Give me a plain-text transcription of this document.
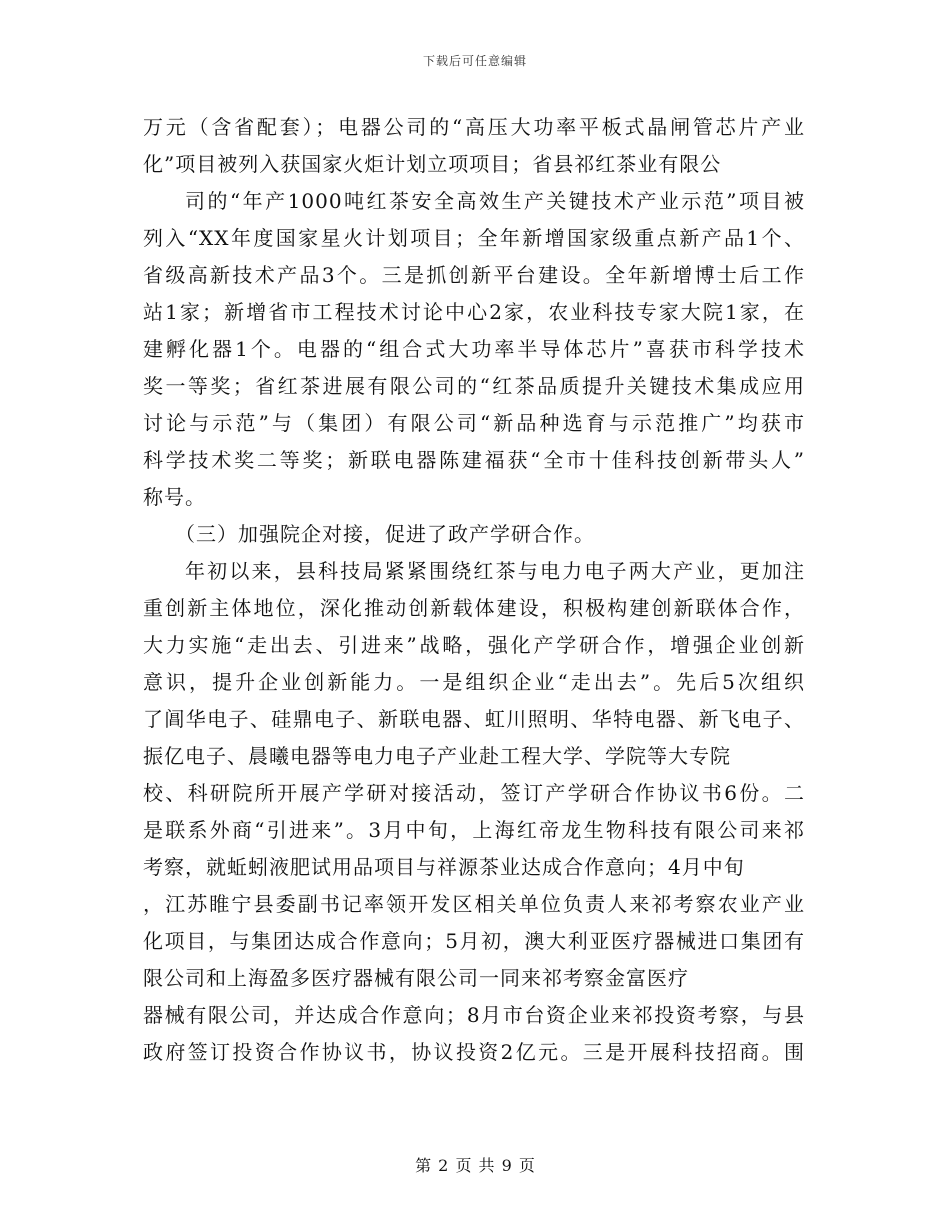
下载后可任意编辑
万元（含省配套）；电器公司的“高压大功率平板式晶闸管芯片产业
化”项目被列入获国家火炬计划立项项目；省县祁红茶业有限公
司的“年产1000吨红茶安全高效生产关键技术产业示范”项目被
列入“XX年度国家星火计划项目；全年新增国家级重点新产品1个、
省级高新技术产品3个。三是抓创新平台建设。全年新增博士后工作
站1家；新增省市工程技术讨论中心2家，农业科技专家大院1家，在
建孵化器1个。电器的“组合式大功率半导体芯片”喜获市科学技术
奖一等奖；省红茶进展有限公司的“红茶品质提升关键技术集成应用
讨论与示范”与（集团）有限公司“新品种选育与示范推广”均获市
科学技术奖二等奖；新联电器陈建福获“全市十佳科技创新带头人”
称号。
（三）加强院企对接，促进了政产学研合作。
年初以来，县科技局紧紧围绕红茶与电力电子两大产业，更加注
重创新主体地位，深化推动创新载体建设，积极构建创新联体合作，
大力实施“走出去、引进来”战略，强化产学研合作，增强企业创新
意识，提升企业创新能力。一是组织企业“走出去”。先后5次组织
了阊华电子、硅鼎电子、新联电器、虹川照明、华特电器、新飞电子、
振亿电子、晨曦电器等电力电子产业赴工程大学、学院等大专院
校、科研院所开展产学研对接活动，签订产学研合作协议书6份。二
是联系外商“引进来”。3月中旬，上海红帝龙生物科技有限公司来祁
考察，就蚯蚓液肥试用品项目与祥源茶业达成合作意向；4月中旬
，江苏睢宁县委副书记率领开发区相关单位负责人来祁考察农业产业
化项目，与集团达成合作意向；5月初，澳大利亚医疗器械进口集团有
限公司和上海盈多医疗器械有限公司一同来祁考察金富医疗
器械有限公司，并达成合作意向；8月市台资企业来祁投资考察，与县
政府签订投资合作协议书，协议投资2亿元。三是开展科技招商。围
第 2 页 共 9 页
